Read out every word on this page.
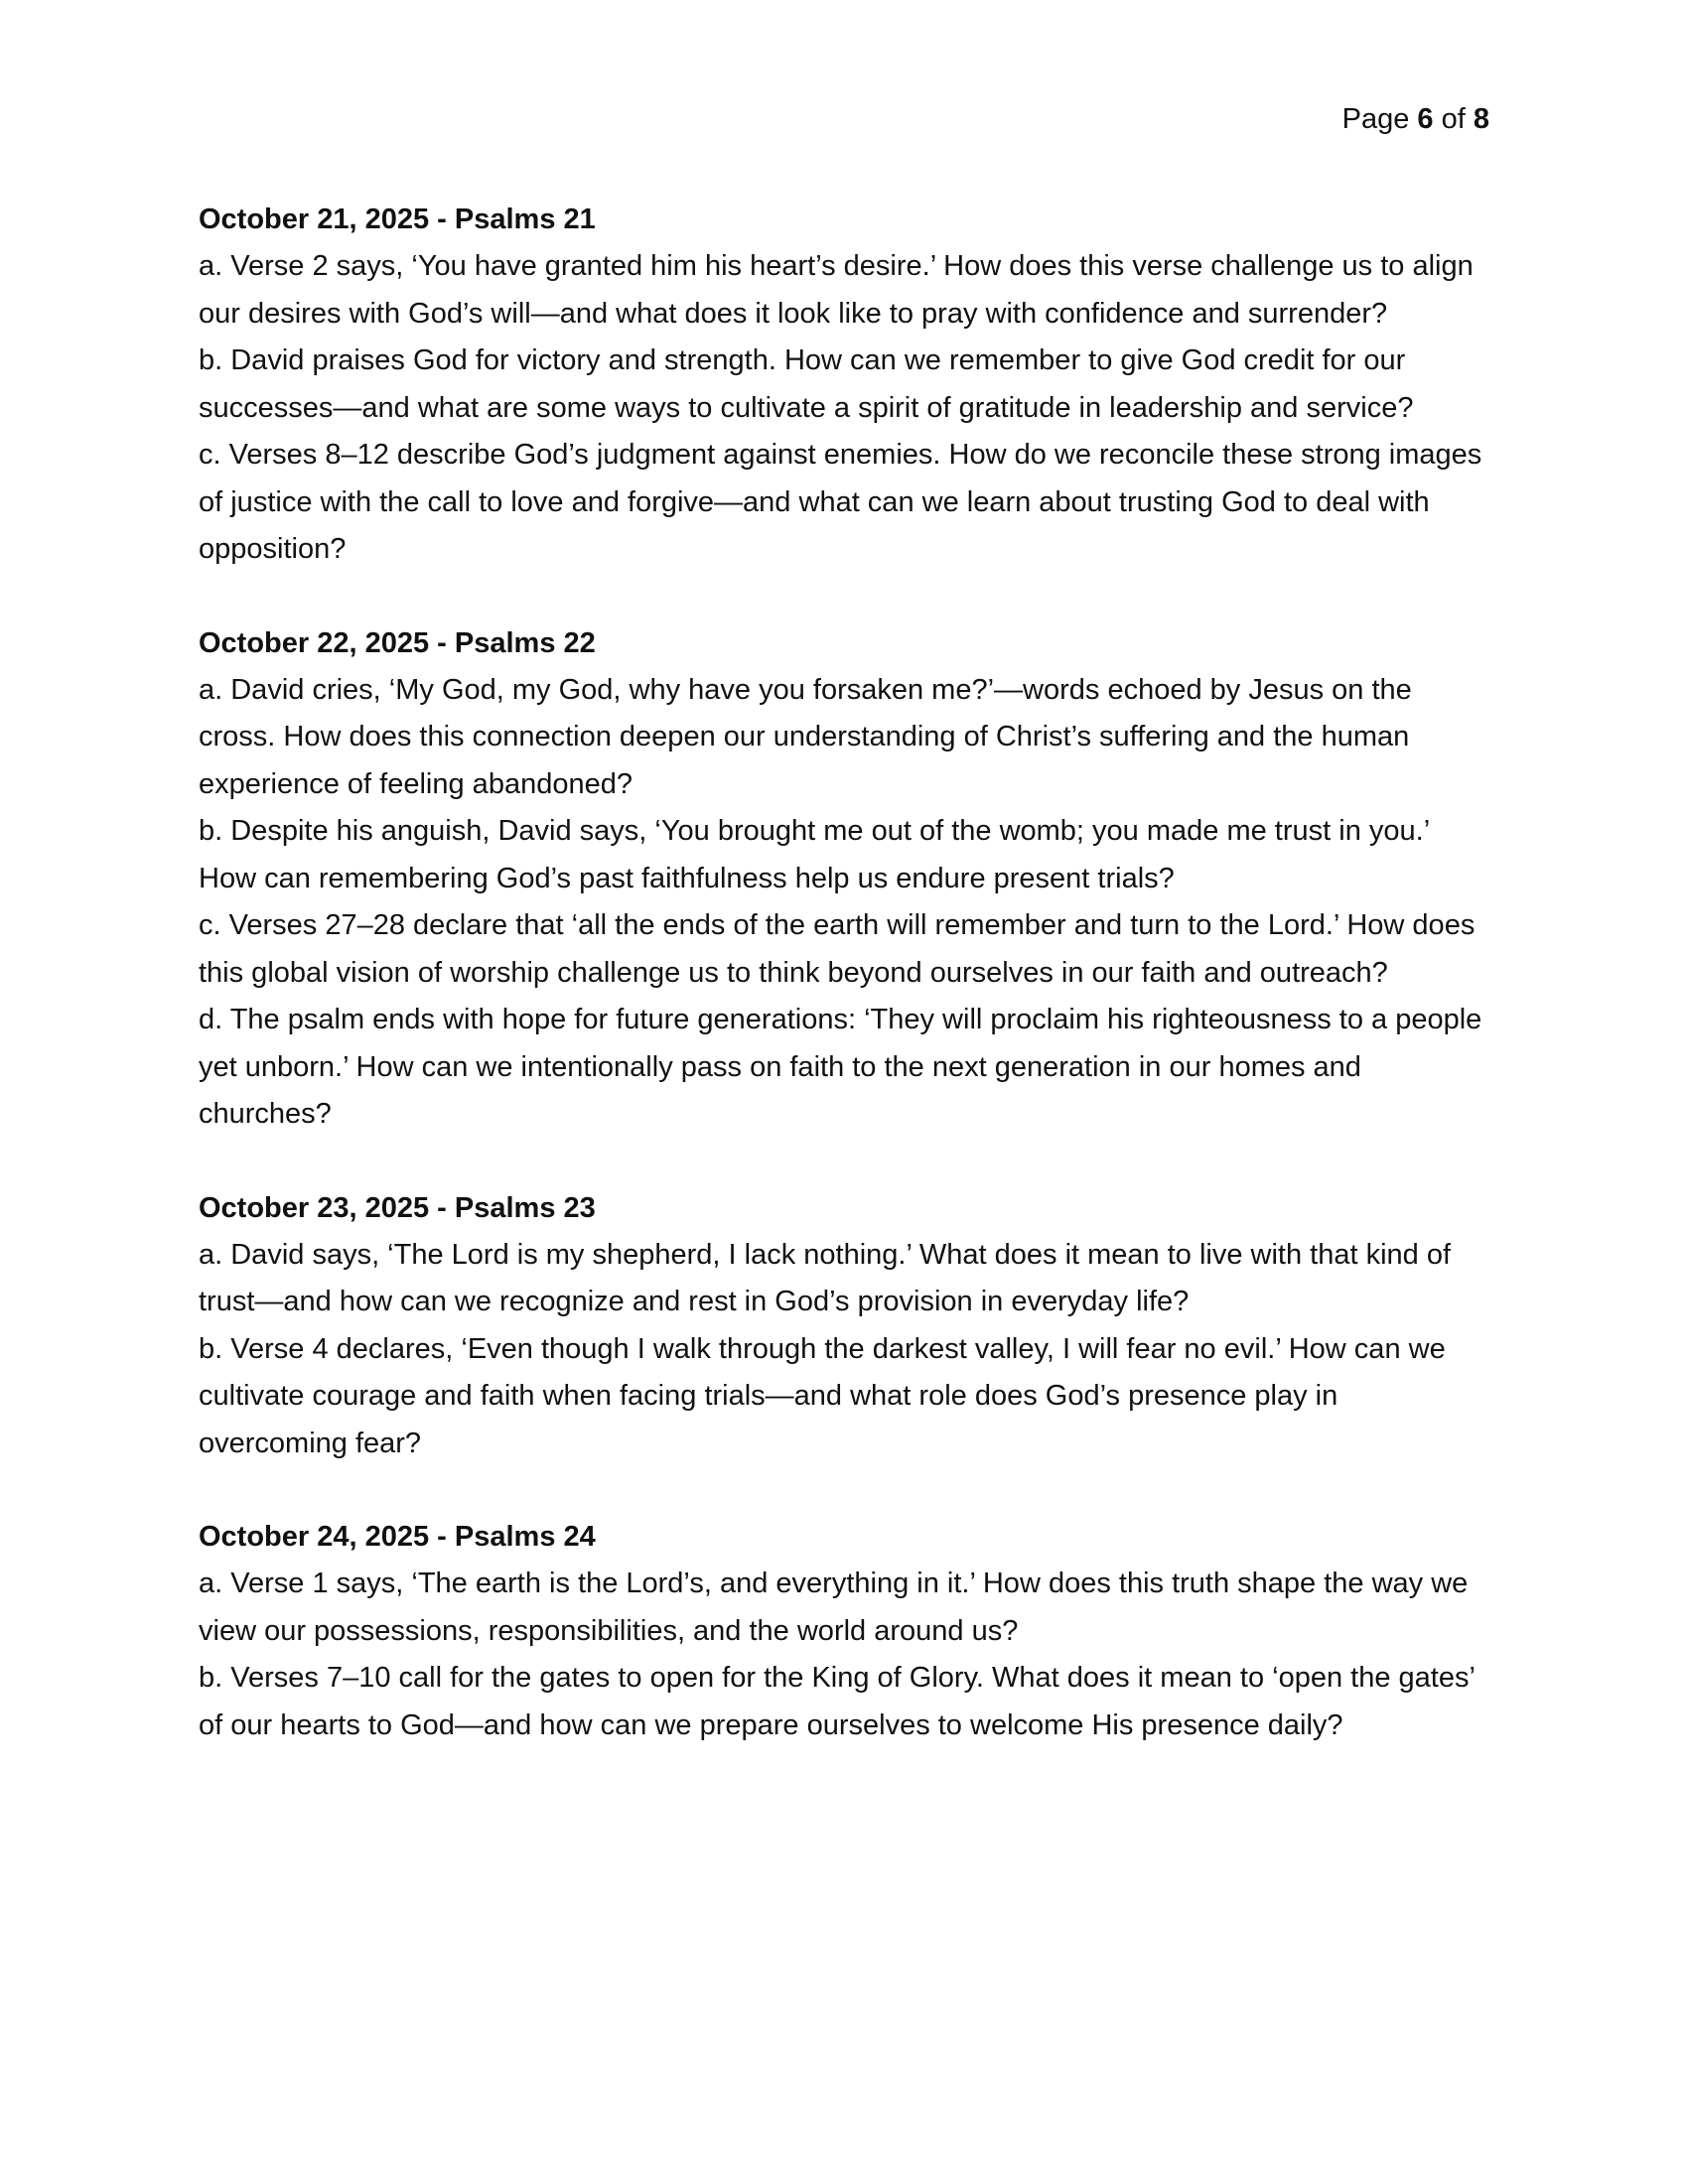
Page 6 of 8

October 21, 2025 - Psalms 21

a. Verse 2 says, ‘You have granted him his heart’s desire.’ How does this verse challenge us to align our desires with God’s will—and what does it look like to pray with confidence and surrender?

b. David praises God for victory and strength. How can we remember to give God credit for our successes—and what are some ways to cultivate a spirit of gratitude in leadership and service?

c. Verses 8–12 describe God’s judgment against enemies. How do we reconcile these strong images of justice with the call to love and forgive—and what can we learn about trusting God to deal with opposition?

October 22, 2025 - Psalms 22

a. David cries, ‘My God, my God, why have you forsaken me?’—words echoed by Jesus on the cross. How does this connection deepen our understanding of Christ’s suffering and the human experience of feeling abandoned?

b. Despite his anguish, David says, ‘You brought me out of the womb; you made me trust in you.’ How can remembering God’s past faithfulness help us endure present trials?

c. Verses 27–28 declare that ‘all the ends of the earth will remember and turn to the Lord.’ How does this global vision of worship challenge us to think beyond ourselves in our faith and outreach?

d. The psalm ends with hope for future generations: ‘They will proclaim his righteousness to a people yet unborn.’ How can we intentionally pass on faith to the next generation in our homes and churches?

October 23, 2025 - Psalms 23

a. David says, ‘The Lord is my shepherd, I lack nothing.’ What does it mean to live with that kind of trust—and how can we recognize and rest in God’s provision in everyday life?

b. Verse 4 declares, ‘Even though I walk through the darkest valley, I will fear no evil.’ How can we cultivate courage and faith when facing trials—and what role does God’s presence play in overcoming fear?

October 24, 2025 - Psalms 24

a. Verse 1 says, ‘The earth is the Lord’s, and everything in it.’ How does this truth shape the way we view our possessions, responsibilities, and the world around us?

b. Verses 7–10 call for the gates to open for the King of Glory. What does it mean to ‘open the gates’ of our hearts to God—and how can we prepare ourselves to welcome His presence daily?
